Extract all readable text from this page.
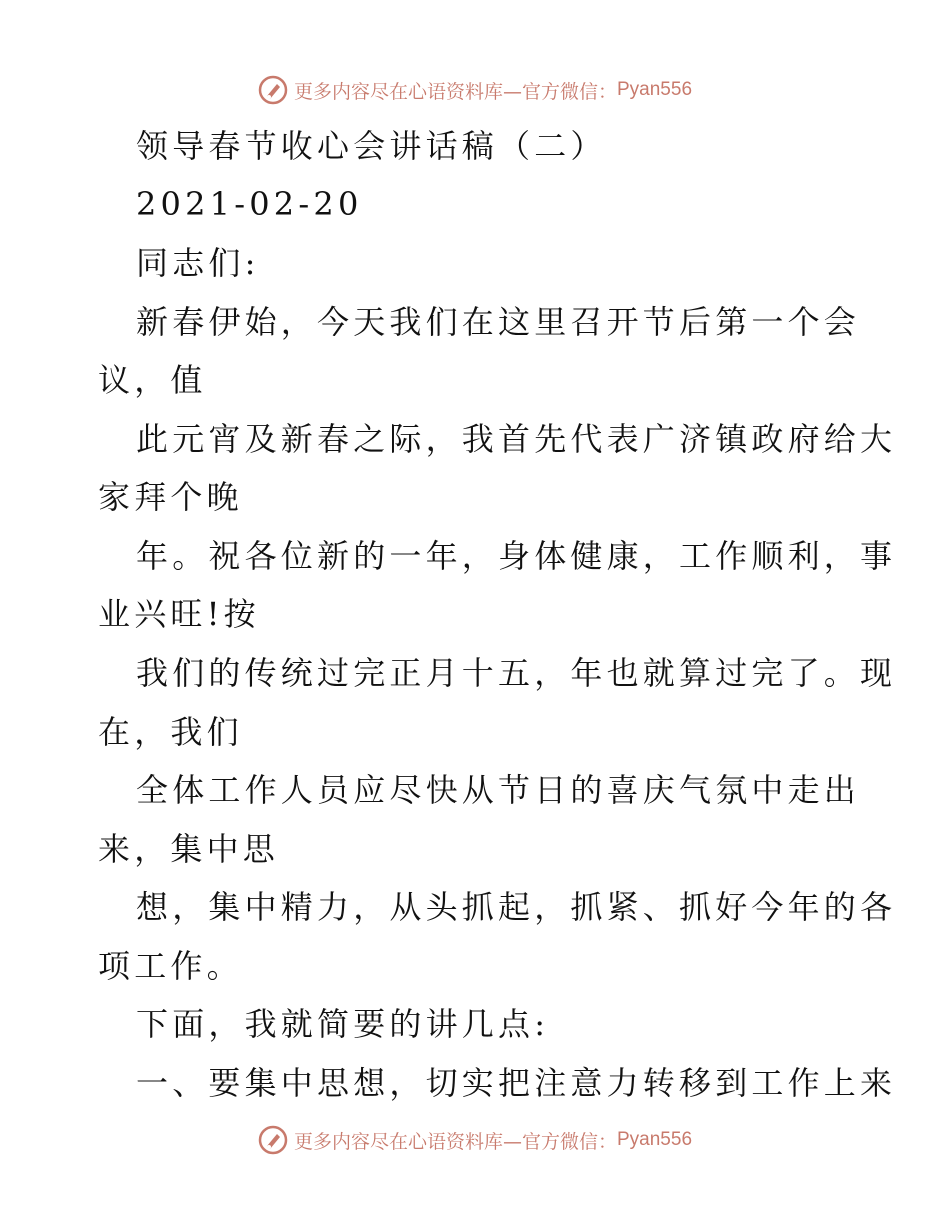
更多内容尽在心语资料库—官方微信： Pyan556
领导春节收心会讲话稿（二）
2021-02-20
同志们:
新春伊始，今天我们在这里召开节后第一个会
议，值
此元宵及新春之际，我首先代表广济镇政府给大
家拜个晚
年。祝各位新的一年，身体健康，工作顺利，事
业兴旺!按
我们的传统过完正月十五，年也就算过完了。现
在，我们
全体工作人员应尽快从节日的喜庆气氛中走出
来，集中思
想，集中精力，从头抓起，抓紧、抓好今年的各
项工作。
下面，我就简要的讲几点:
一、要集中思想，切实把注意力转移到工作上来
更多内容尽在心语资料库—官方微信： Pyan556
